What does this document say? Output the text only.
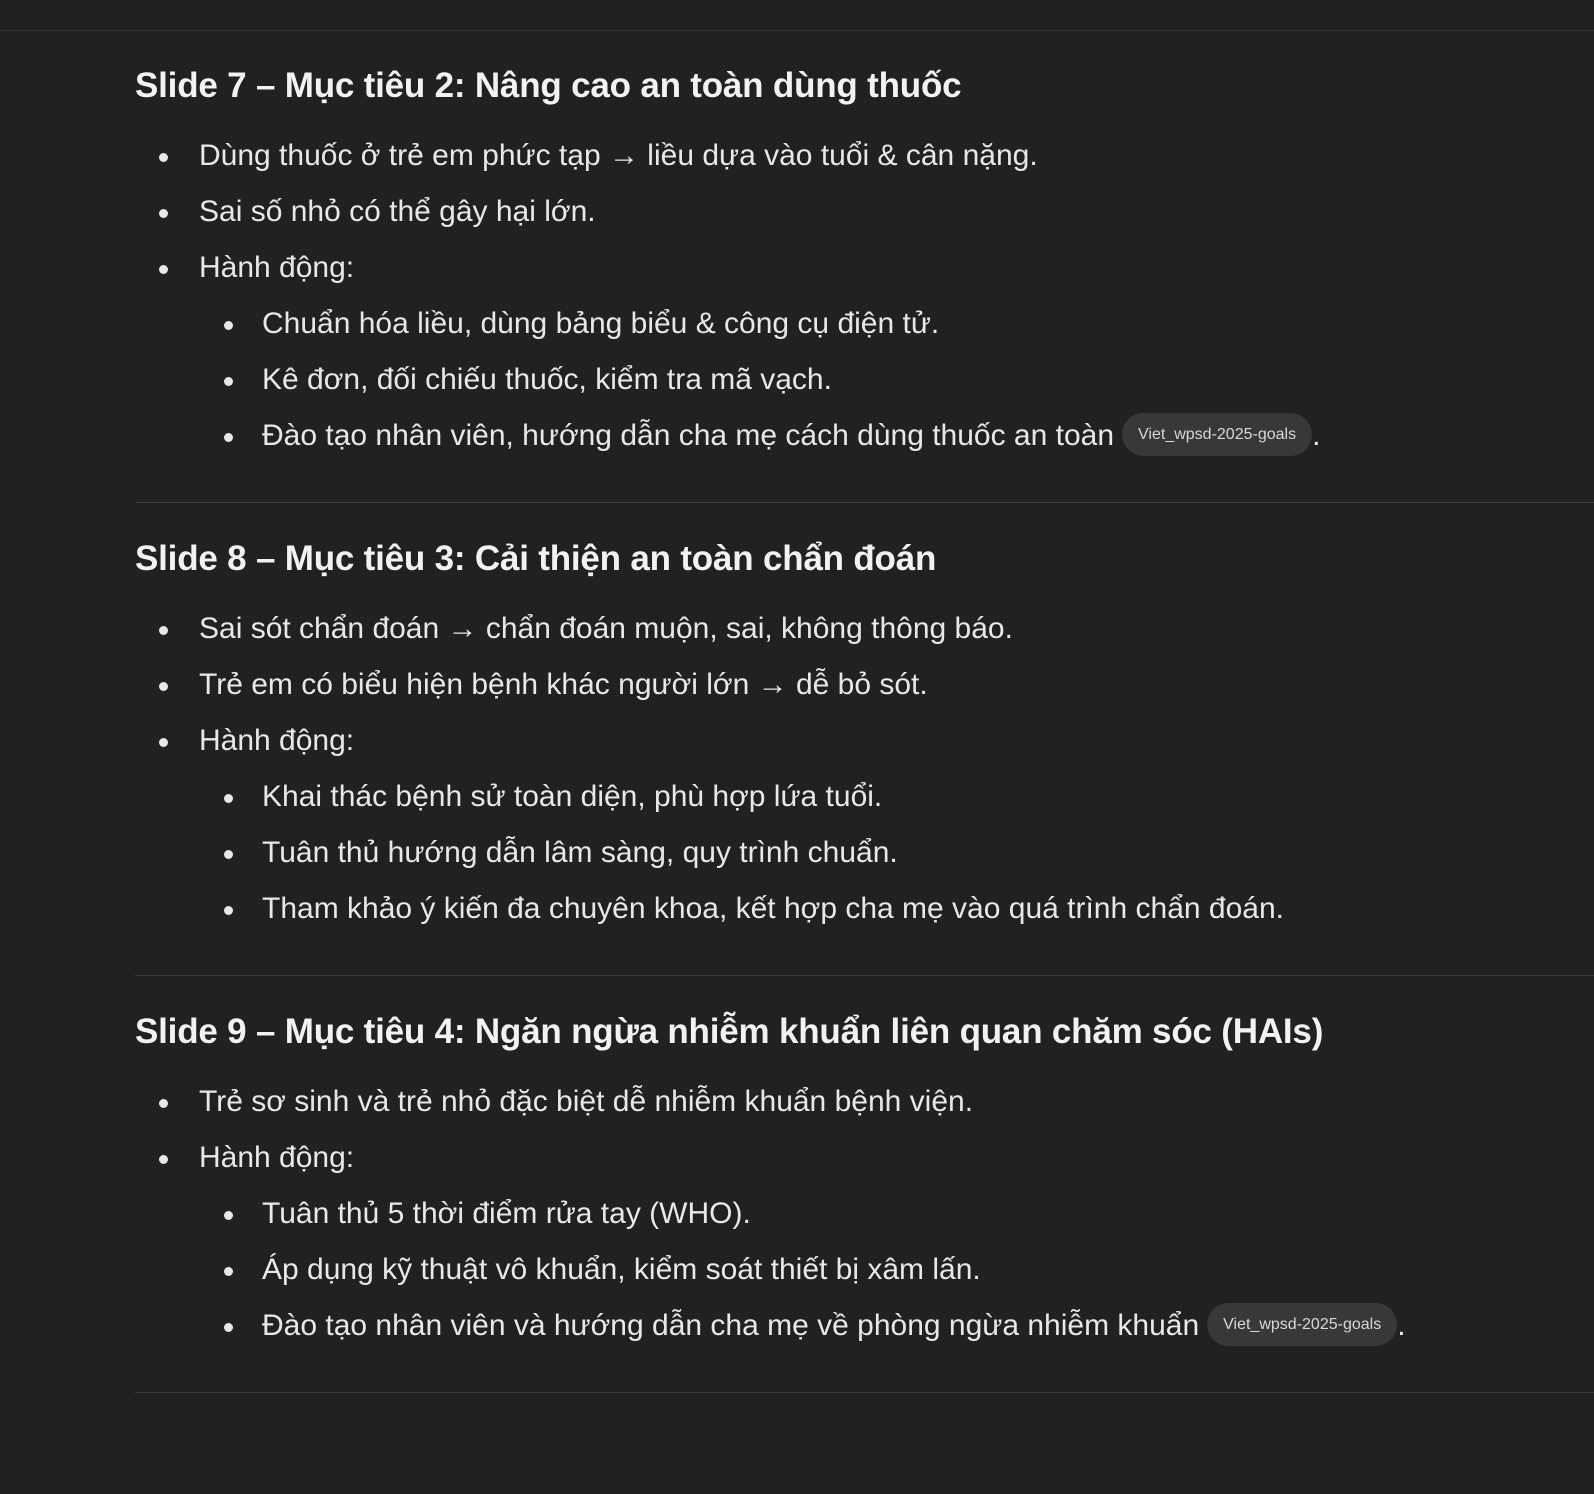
Slide 7 – Mục tiêu 2: Nâng cao an toàn dùng thuốc
Dùng thuốc ở trẻ em phức tạp → liều dựa vào tuổi & cân nặng.
Sai số nhỏ có thể gây hại lớn.
Hành động:
Chuẩn hóa liều, dùng bảng biểu & công cụ điện tử.
Kê đơn, đối chiếu thuốc, kiểm tra mã vạch.
Đào tạo nhân viên, hướng dẫn cha mẹ cách dùng thuốc an toàn Viet_wpsd-2025-goals .
Slide 8 – Mục tiêu 3: Cải thiện an toàn chẩn đoán
Sai sót chẩn đoán → chẩn đoán muộn, sai, không thông báo.
Trẻ em có biểu hiện bệnh khác người lớn → dễ bỏ sót.
Hành động:
Khai thác bệnh sử toàn diện, phù hợp lứa tuổi.
Tuân thủ hướng dẫn lâm sàng, quy trình chuẩn.
Tham khảo ý kiến đa chuyên khoa, kết hợp cha mẹ vào quá trình chẩn đoán.
Slide 9 – Mục tiêu 4: Ngăn ngừa nhiễm khuẩn liên quan chăm sóc (HAIs)
Trẻ sơ sinh và trẻ nhỏ đặc biệt dễ nhiễm khuẩn bệnh viện.
Hành động:
Tuân thủ 5 thời điểm rửa tay (WHO).
Áp dụng kỹ thuật vô khuẩn, kiểm soát thiết bị xâm lấn.
Đào tạo nhân viên và hướng dẫn cha mẹ về phòng ngừa nhiễm khuẩn Viet_wpsd-2025-goals .
